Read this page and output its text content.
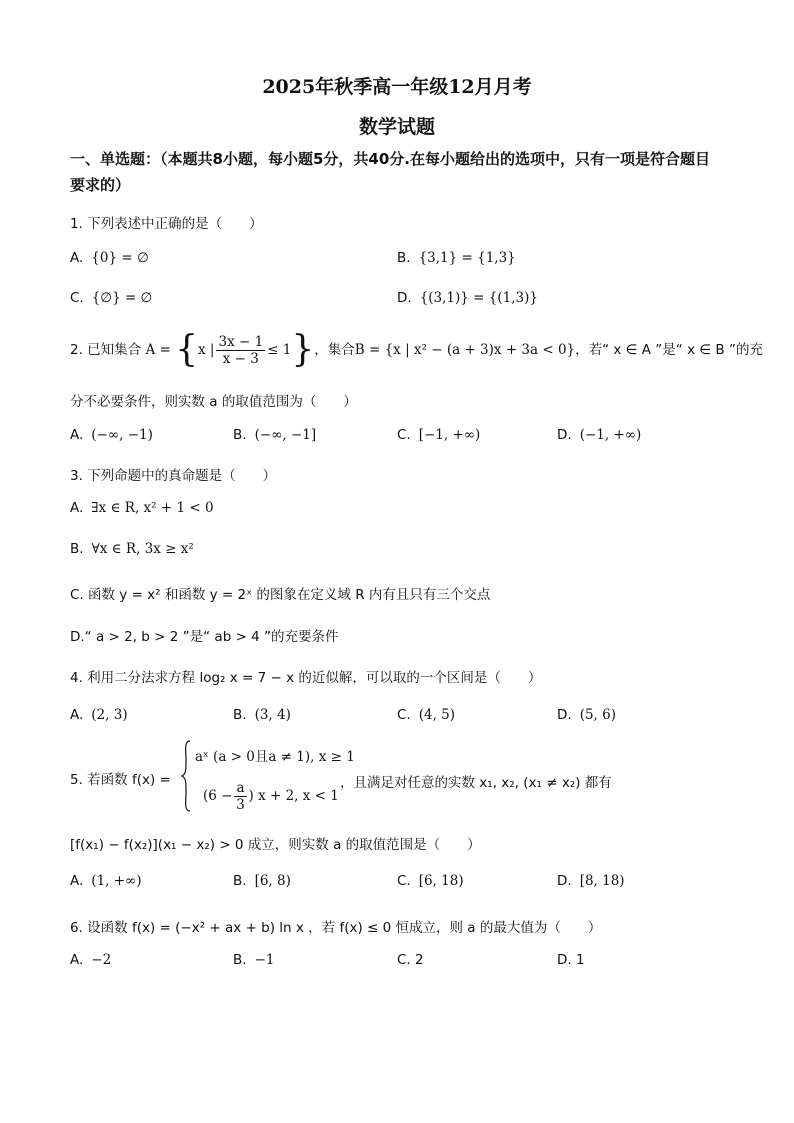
2025年秋季高一年级12月月考
数学试题
一、单选题：（本题共8小题，每小题5分，共40分.在每小题给出的选项中，只有一项是符合题目要求的）
1. 下列表述中正确的是（　　）
A. {0} = ∅	B. {3,1} = {1,3}
C. {∅} = ∅	D. {(3,1)} = {(1,3)}
2. 已知集合 A = {x | $\frac{3x - 1}{x - 3} \le 1$}，集合B = {x | x² − (a + 3)x + 3a < 0}，若“ x ∈ A ”是“ x ∈ B ”的充
分不必要条件，则实数 a 的取值范围为（　　）
A. (−∞, −1)	B. (−∞, −1]	C. [−1, +∞)	D. (−1, +∞)
3. 下列命题中的真命题是（　　）
A. ∃x ∈ R, x² + 1 < 0
B. ∀x ∈ R, 3x ≥ x²
C. 函数 y = x² 和函数 y = 2ˣ 的图象在定义域 R 内有且只有三个交点
D.“ a > 2, b > 2 ”是“ ab > 4 ”的充要条件
4. 利用二分法求方程 log₂ x = 7 − x 的近似解，可以取的一个区间是（　　）
A. (2, 3)	B. (3, 4)	C. (4, 5)	D. (5, 6)
5. 若函数 f(x) =
aˣ (a > 0且a ≠ 1), x ≥ 1
($6 - \frac{a}{3}$ ) x + 2, x < 1
，且满足对任意的实数 x₁, x₂, (x₁ ≠ x₂) 都有
[f(x₁) − f(x₂)](x₁ − x₂) > 0 成立，则实数 a 的取值范围是（　　）
A. (1, +∞)	B. [6, 8)	C. [6, 18)	D. [8, 18)
6. 设函数 f(x) = (−x² + ax + b) ln x ，若 f(x) ≤ 0 恒成立，则 a 的最大值为（　　）
A. −2	B. −1	C. 2	D. 1
